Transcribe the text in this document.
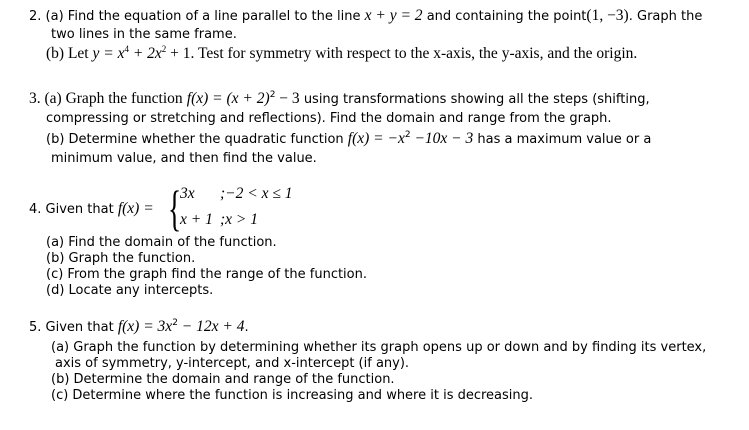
2. (a) Find the equation of a line parallel to the line x + y = 2 and containing the point(1, −3). Graph the
two lines in the same frame.
(b) Let $y = x^4 + 2x^2 + 1$. Test for symmetry with respect to the x-axis, the y-axis, and the origin.
3. (a) Graph the function $f(x) = (x + 2)^2 - 3$ using transformations showing all the steps (shifting,
compressing or stretching and reflections). Find the domain and range from the graph.
(b) Determine whether the quadratic function $f(x) = -x^2 -10x - 3$ has a maximum value or a
minimum value, and then find the value.
4. Given that f(x) = {
3x ;−2 < x ≤ 1
x + 1 ;x > 1
(a) Find the domain of the function.
(b) Graph the function.
(c) From the graph find the range of the function.
(d) Locate any intercepts.
5. Given that $f(x) = 3x^2 - 12x + 4$.
(a) Graph the function by determining whether its graph opens up or down and by finding its vertex,
axis of symmetry, y-intercept, and x-intercept (if any).
(b) Determine the domain and range of the function.
(c) Determine where the function is increasing and where it is decreasing.
